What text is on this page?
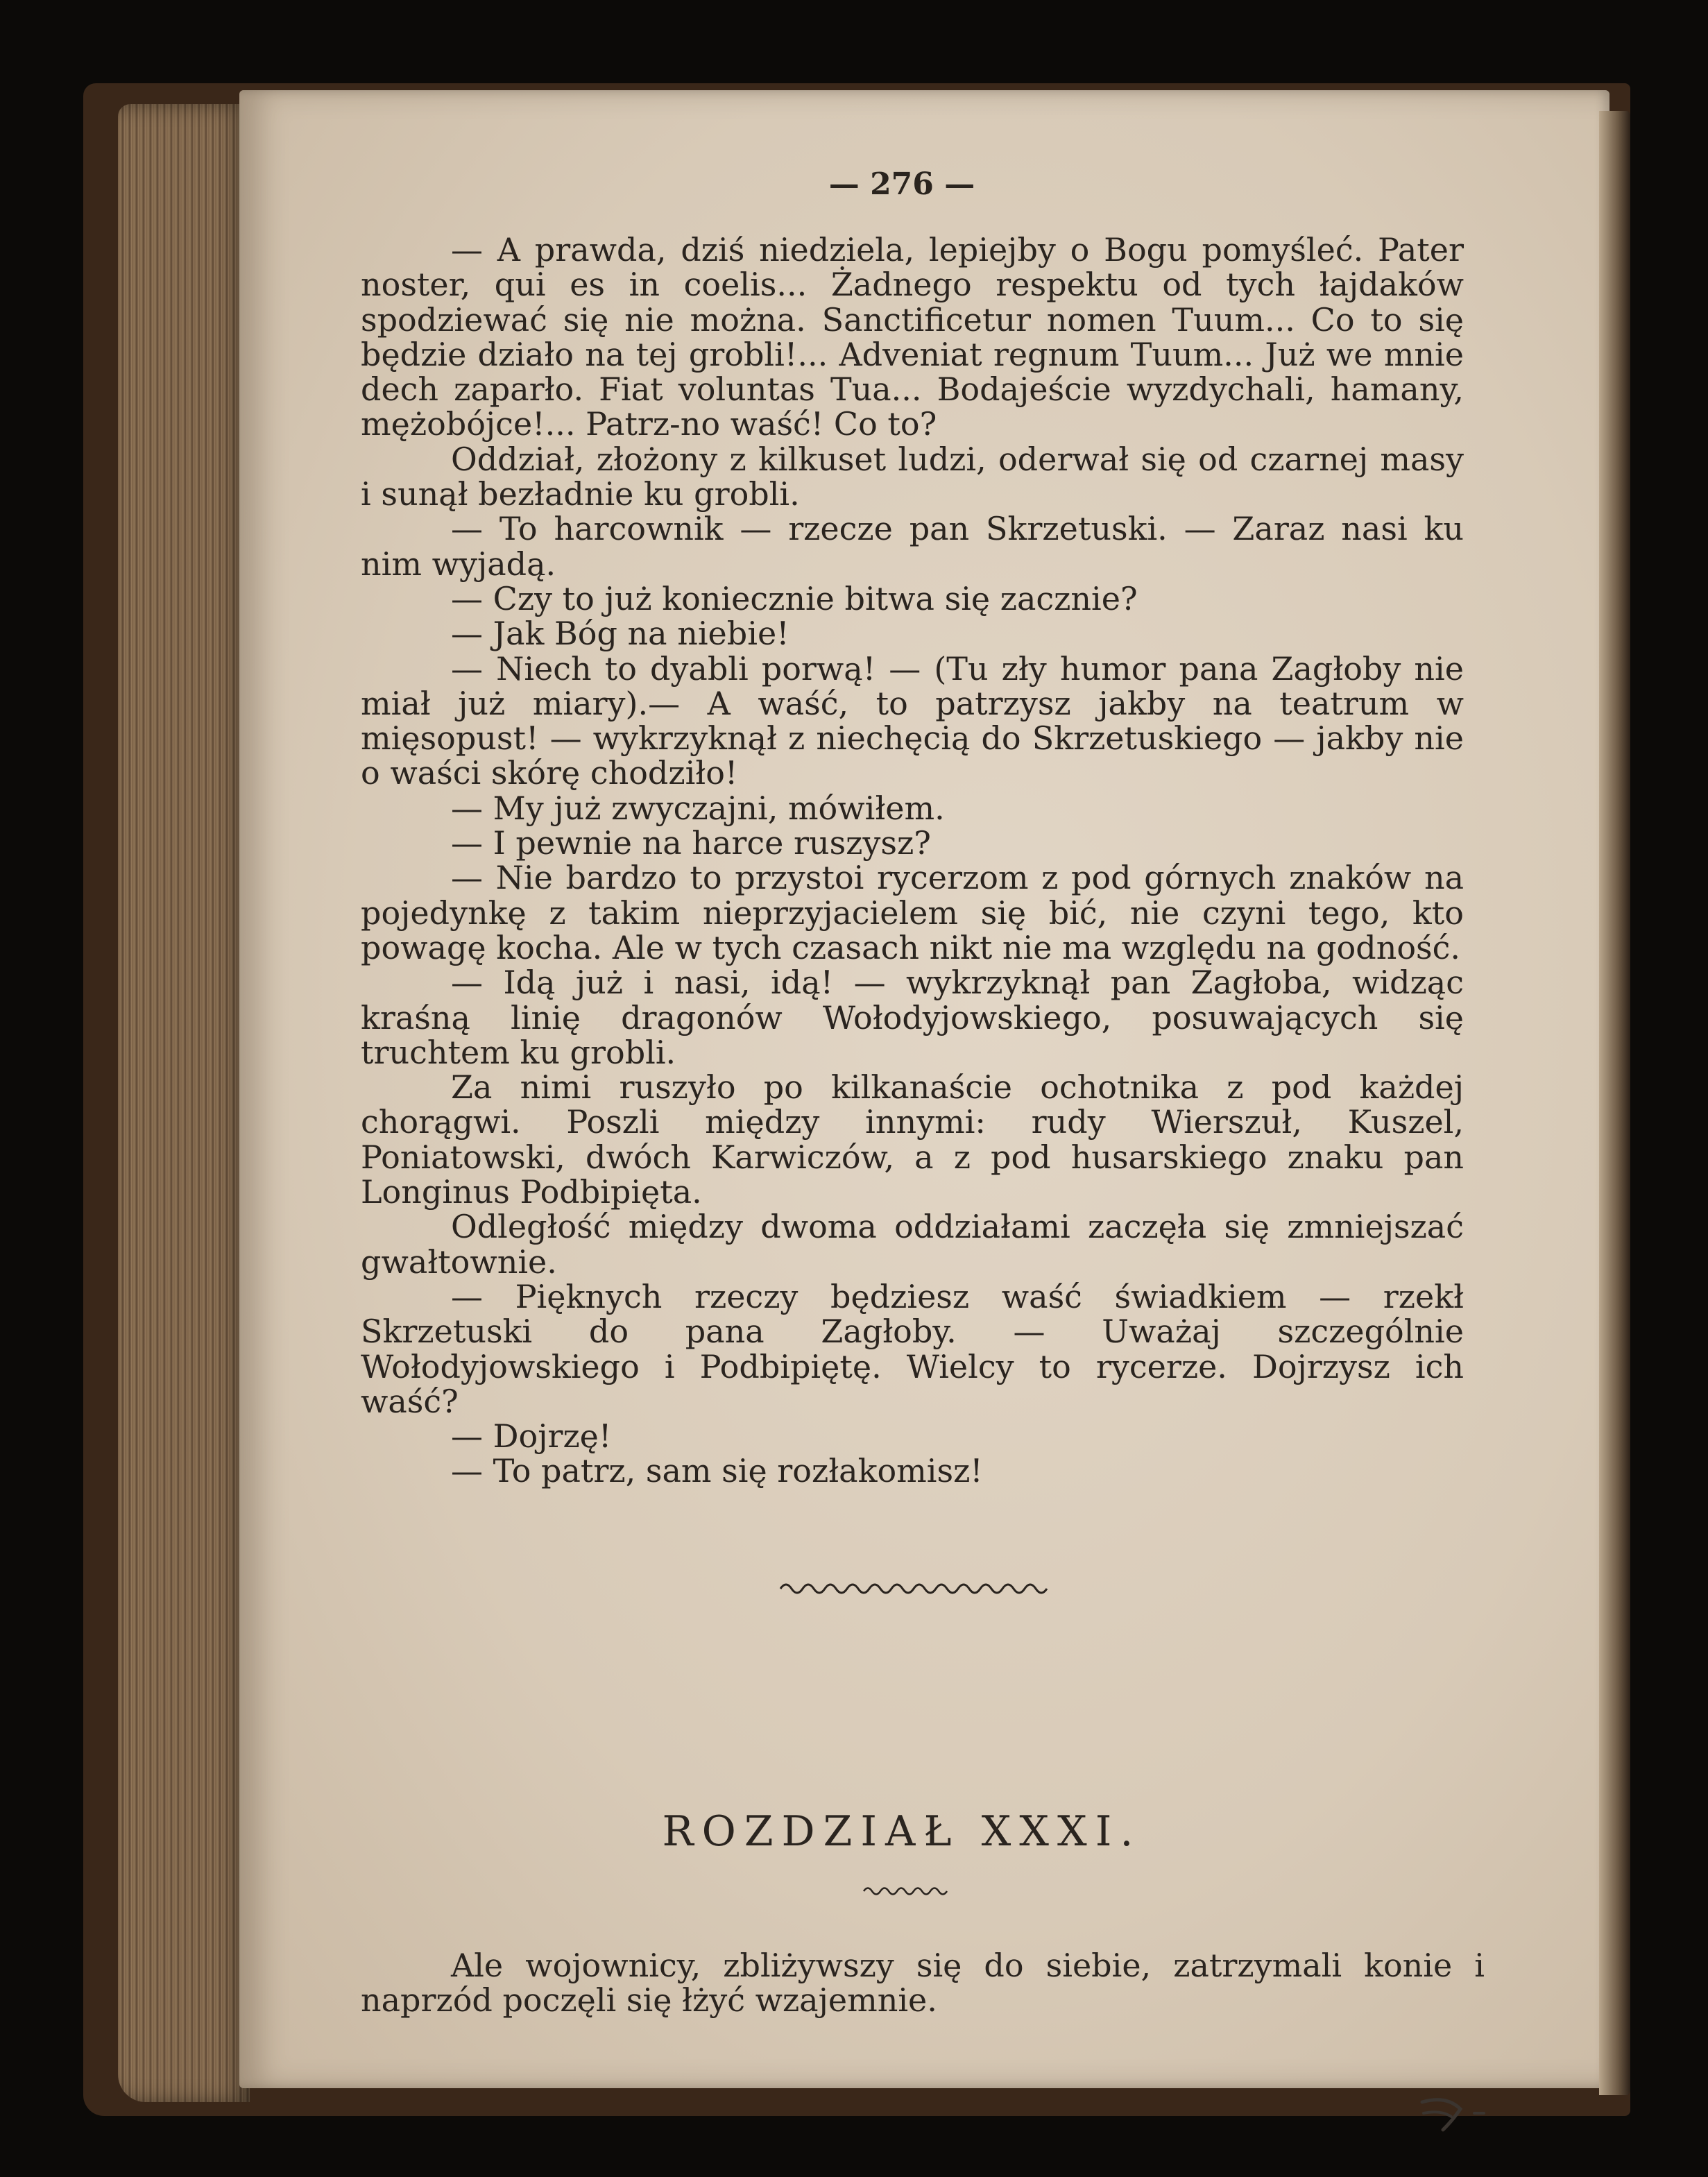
— 276 —

— A prawda, dziś niedziela, lepiejby o Bogu pomyśleć. Pater noster, qui es in coelis... Żadnego respektu od tych łajdaków spodziewać się nie można. Sanctificetur nomen Tuum... Co to się będzie działo na tej grobli!... Adveniat regnum Tuum... Już we mnie dech zaparło. Fiat voluntas Tua... Bodajeście wyzdychali, hamany, mężobójce!... Patrz-no waść! Co to?

Oddział, złożony z kilkuset ludzi, oderwał się od czarnej masy i sunął bezładnie ku grobli.

— To harcownik — rzecze pan Skrzetuski. — Zaraz nasi ku nim wyjadą.

— Czy to już koniecznie bitwa się zacznie?

— Jak Bóg na niebie!

— Niech to dyabli porwą! — (Tu zły humor pana Zagłoby nie miał już miary).— A waść, to patrzysz jakby na teatrum w mięsopust! — wykrzyknął z niechęcią do Skrzetuskiego — jakby nie o waści skórę chodziło!

— My już zwyczajni, mówiłem.

— I pewnie na harce ruszysz?

— Nie bardzo to przystoi rycerzom z pod górnych znaków na pojedynkę z takim nieprzyjacielem się bić, nie czyni tego, kto powagę kocha. Ale w tych czasach nikt nie ma względu na godność.

— Idą już i nasi, idą! — wykrzyknął pan Zagłoba, widząc kraśną linię dragonów Wołodyjowskiego, posuwających się truchtem ku grobli.

Za nimi ruszyło po kilkanaście ochotnika z pod każdej chorągwi. Poszli między innymi: rudy Wierszuł, Kuszel, Poniatowski, dwóch Karwiczów, a z pod husarskiego znaku pan Longinus Podbipięta.

Odległość między dwoma oddziałami zaczęła się zmniejszać gwałtownie.

— Pięknych rzeczy będziesz waść świadkiem — rzekł Skrzetuski do pana Zagłoby. — Uważaj szczególnie Wołodyjowskiego i Podbipiętę. Wielcy to rycerze. Dojrzysz ich waść?

— Dojrzę!

— To patrz, sam się rozłakomisz!

ROZDZIAŁ XXXI.

Ale wojownicy, zbliżywszy się do siebie, zatrzymali konie i naprzód poczęli się łżyć wzajemnie.
